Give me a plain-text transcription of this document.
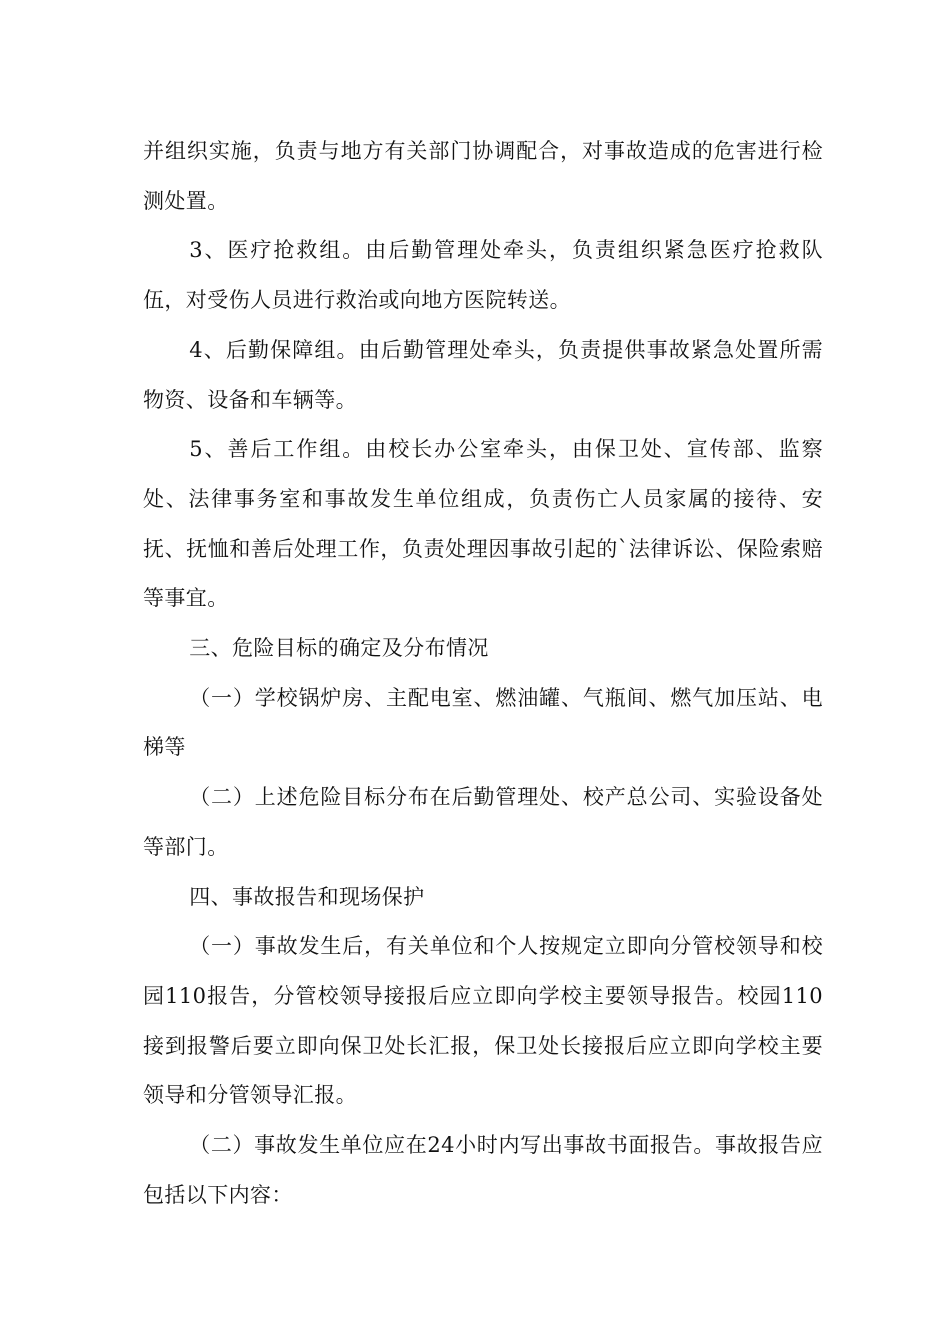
并组织实施，负责与地方有关部门协调配合，对事故造成的危害进行检测处置。

3、医疗抢救组。由后勤管理处牵头，负责组织紧急医疗抢救队伍，对受伤人员进行救治或向地方医院转送。

4、后勤保障组。由后勤管理处牵头，负责提供事故紧急处置所需物资、设备和车辆等。

5、善后工作组。由校长办公室牵头，由保卫处、宣传部、监察处、法律事务室和事故发生单位组成，负责伤亡人员家属的接待、安抚、抚恤和善后处理工作，负责处理因事故引起的`法律诉讼、保险索赔等事宜。

三、危险目标的确定及分布情况

（一）学校锅炉房、主配电室、燃油罐、气瓶间、燃气加压站、电梯等

（二）上述危险目标分布在后勤管理处、校产总公司、实验设备处等部门。

四、事故报告和现场保护

（一）事故发生后，有关单位和个人按规定立即向分管校领导和校园110报告，分管校领导接报后应立即向学校主要领导报告。校园110接到报警后要立即向保卫处长汇报，保卫处长接报后应立即向学校主要领导和分管领导汇报。

（二）事故发生单位应在24小时内写出事故书面报告。事故报告应包括以下内容：
